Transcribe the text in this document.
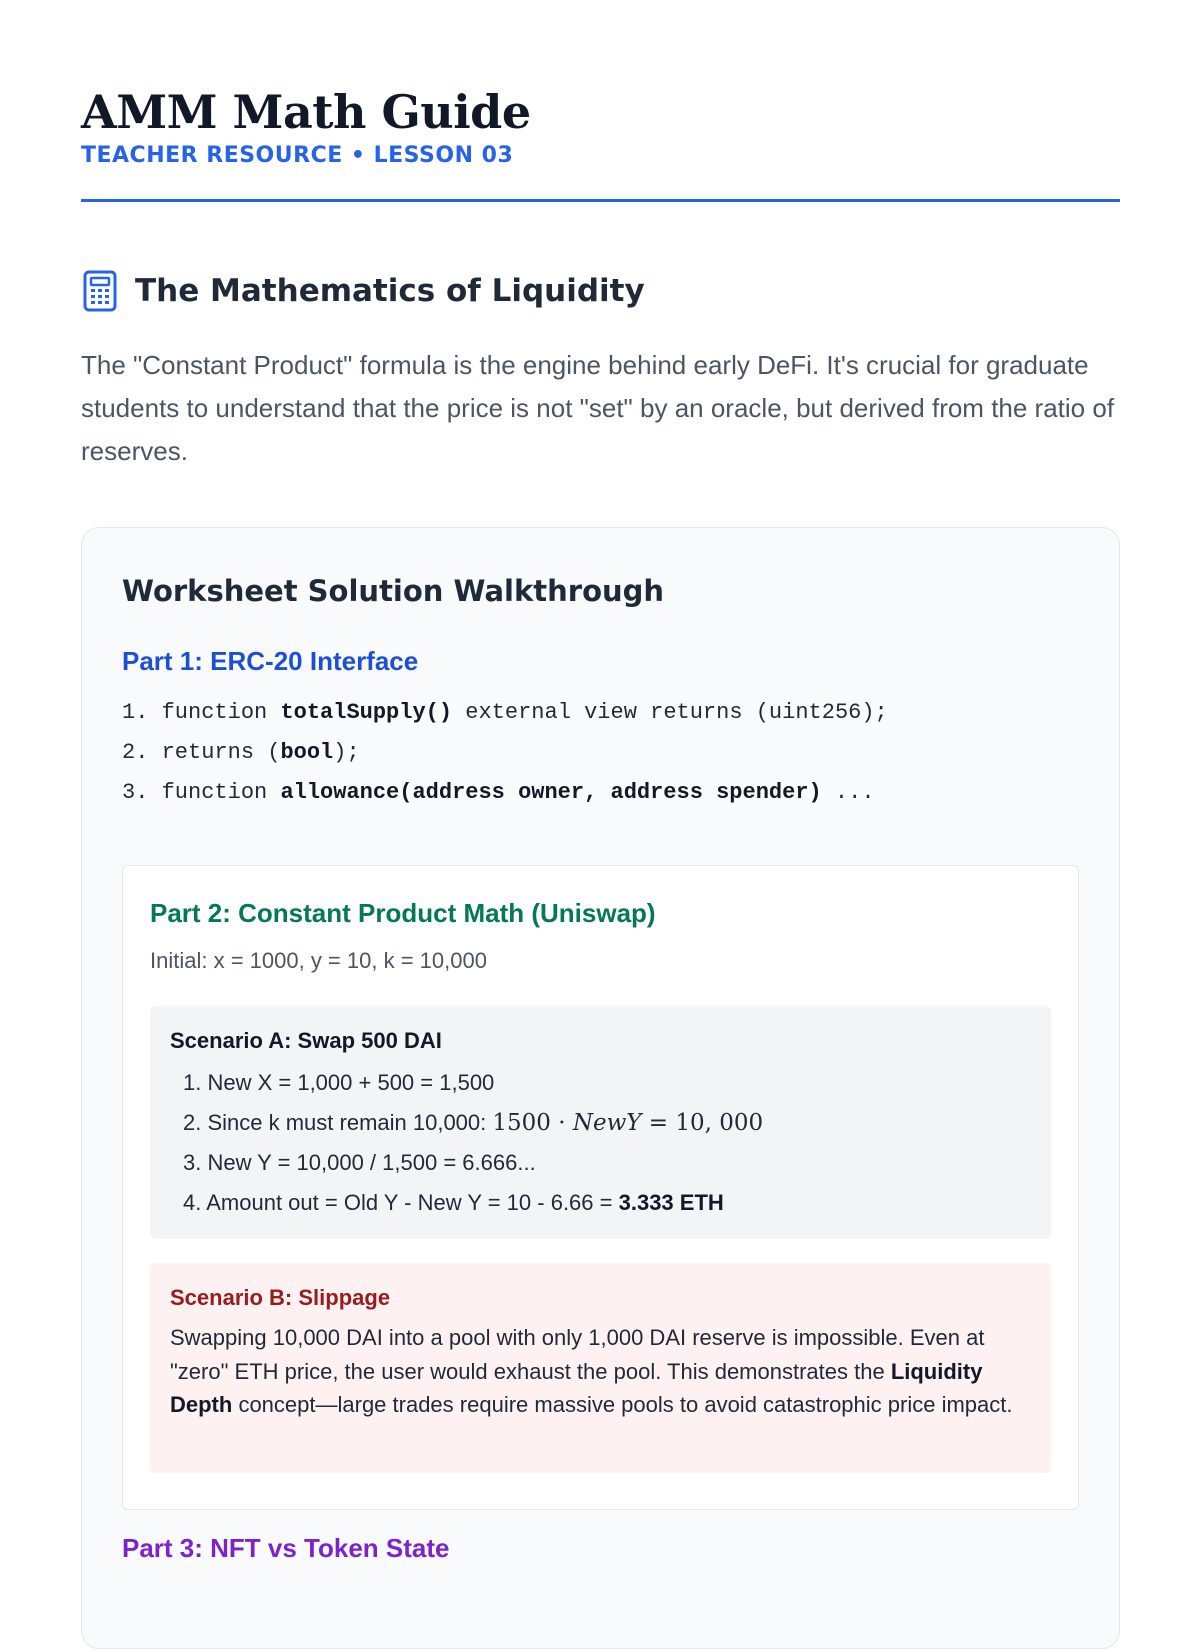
AMM Math Guide
TEACHER RESOURCE • LESSON 03
The Mathematics of Liquidity

The "Constant Product" formula is the engine behind early DeFi. It's crucial for graduate students to understand that the price is not "set" by an oracle, but derived from the ratio of reserves.

Worksheet Solution Walkthrough
Part 1: ERC-20 Interface
1. function totalSupply() external view returns (uint256);
2. returns (bool);
3. function allowance(address owner, address spender) ...
Part 2: Constant Product Math (Uniswap)

Initial: x = 1000, y = 10, k = 10,000

Scenario A: Swap 500 DAI

1. New X = 1,000 + 500 = 1,500
2. Since k must remain 10,000: 1500 · NewY = 10, 000
3. New Y = 10,000 / 1,500 = 6.666...
4. Amount out = Old Y - New Y = 10 - 6.66 = 3.333 ETH

Scenario B: Slippage

Swapping 10,000 DAI into a pool with only 1,000 DAI reserve is impossible. Even at "zero" ETH price, the user would exhaust the pool. This demonstrates the Liquidity Depth concept—large trades require massive pools to avoid catastrophic price impact.

Part 3: NFT vs Token State
